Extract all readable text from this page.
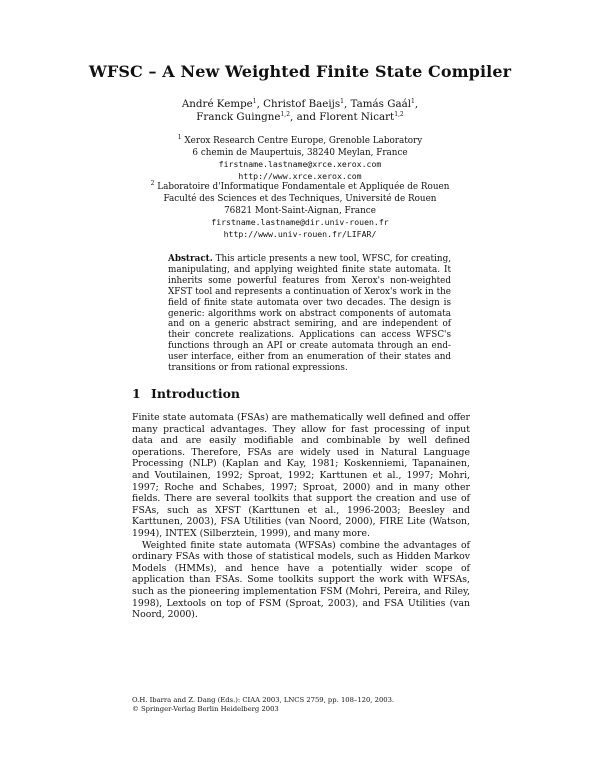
WFSC – A New Weighted Finite State Compiler
André Kempe$^1$, Christof Baeijs$^1$, Tamás Gaál$^1$,
Franck Guingne$^{1,2}$, and Florent Nicart$^{1,2}$
$^1$ Xerox Research Centre Europe, Grenoble Laboratory
6 chemin de Maupertuis, 38240 Meylan, France
firstname.lastname@xrce.xerox.com
http://www.xrce.xerox.com
$^2$ Laboratoire d'Informatique Fondamentale et Appliquée de Rouen
Faculté des Sciences et des Techniques, Université de Rouen
76821 Mont-Saint-Aignan, France
firstname.lastname@dir.univ-rouen.fr
http://www.univ-rouen.fr/LIFAR/

Abstract. This article presents a new tool, WFSC, for creating, manipulating, and applying weighted finite state automata. It inherits some powerful features from Xerox's non-weighted XFST tool and represents a continuation of Xerox's work in the field of finite state automata over two decades. The design is generic: algorithms work on abstract components of automata and on a generic abstract semiring, and are independent of their concrete realizations. Applications can access WFSC's functions through an API or create automata through an end-user interface, either from an enumeration of their states and transitions or from rational expressions.

1 Introduction

Finite state automata (FSAs) are mathematically well defined and offer many practical advantages. They allow for fast processing of input data and are easily modifiable and combinable by well defined operations. Therefore, FSAs are widely used in Natural Language Processing (NLP) (Kaplan and Kay, 1981; Koskenniemi, Tapanainen, and Voutilainen, 1992; Sproat, 1992; Karttunen et al., 1997; Mohri, 1997; Roche and Schabes, 1997; Sproat, 2000) and in many other fields. There are several toolkits that support the creation and use of FSAs, such as XFST (Karttunen et al., 1996-2003; Beesley and Karttunen, 2003), FSA Utilities (van Noord, 2000), FIRE Lite (Watson, 1994), INTEX (Silberztein, 1999), and many more.

Weighted finite state automata (WFSAs) combine the advantages of ordinary FSAs with those of statistical models, such as Hidden Markov Models (HMMs), and hence have a potentially wider scope of application than FSAs. Some toolkits support the work with WFSAs, such as the pioneering implementation FSM (Mohri, Pereira, and Riley, 1998), Lextools on top of FSM (Sproat, 2003), and FSA Utilities (van Noord, 2000).

O.H. Ibarra and Z. Dang (Eds.): CIAA 2003, LNCS 2759, pp. 108–120, 2003.
© Springer-Verlag Berlin Heidelberg 2003
